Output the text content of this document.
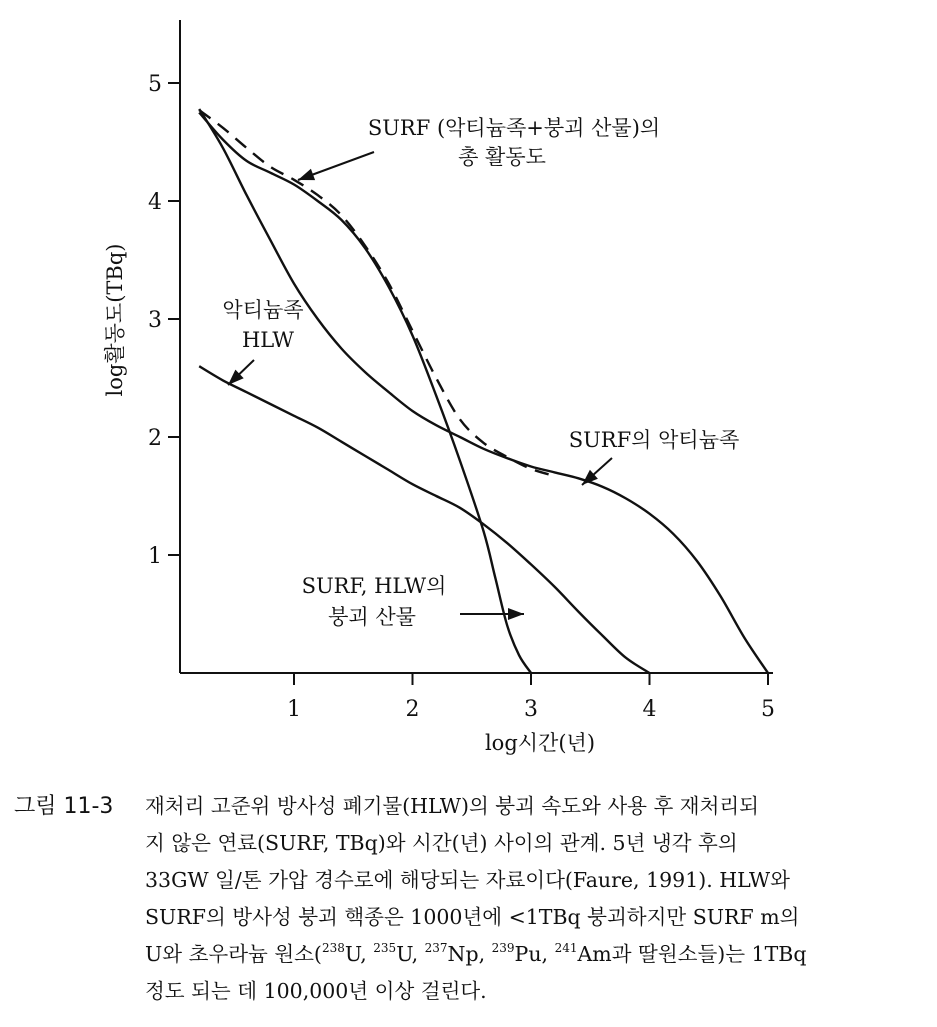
1
2
3
4
5
1	2	3	4	5
log시간(년)
log활동도(TBq)
SURF (악티늄족+붕괴 산물)의
총 활동도
악티늄족
HLW
SURF의 악티늄족
SURF, HLW의
붕괴 산물
그림 11-3 재처리 고준위 방사성 폐기물(HLW)의 붕괴 속도와 사용 후 재처리되
지 않은 연료(SURF, TBq)와 시간(년) 사이의 관계. 5년 냉각 후의
33GW 일/톤 가압 경수로에 해당되는 자료이다(Faure, 1991). HLW와
SURF의 방사성 붕괴 핵종은 1000년에 <1TBq 붕괴하지만 SURF m의
U와 초우라늄 원소($^{238}$U, $^{235}$U, $^{237}$Np, $^{239}$Pu, $^{241}$Am과 딸원소들)는 1TBq
정도 되는 데 100,000년 이상 걸린다.
